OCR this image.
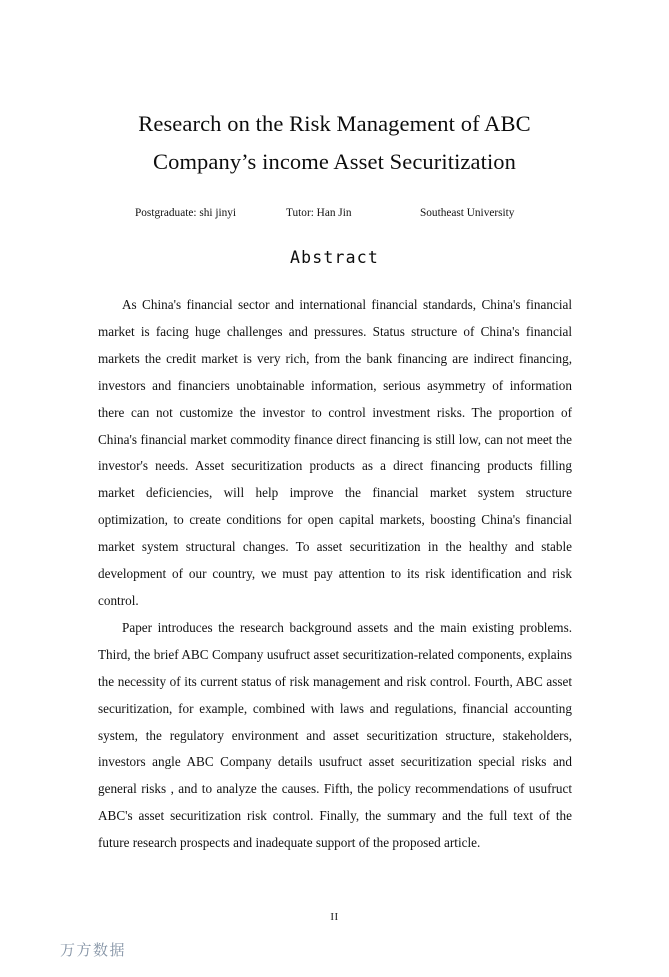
Research on the Risk Management of ABC
Company’s income Asset Securitization
Postgraduate: shi jinyi	Tutor: Han Jin	Southeast University
Abstract

As China's financial sector and international financial standards, China's financial market is facing huge challenges and pressures. Status structure of China's financial markets the credit market is very rich, from the bank financing are indirect financing, investors and financiers unobtainable information, serious asymmetry of information there can not customize the investor to control investment risks. The proportion of China's financial market commodity finance direct financing is still low, can not meet the investor's needs. Asset securitization products as a direct financing products filling market deficiencies, will help improve the financial market system structure optimization, to create conditions for open capital markets, boosting China's financial market system structural changes. To asset securitization in the healthy and stable development of our country, we must pay attention to its risk identification and risk control.

Paper introduces the research background assets and the main existing problems. Third, the brief ABC Company usufruct asset securitization-related components, explains the necessity of its current status of risk management and risk control. Fourth, ABC asset securitization, for example, combined with laws and regulations, financial accounting system, the regulatory environment and asset securitization structure, stakeholders, investors angle ABC Company details usufruct asset securitization special risks and general risks , and to analyze the causes. Fifth, the policy recommendations of usufruct ABC's asset securitization risk control. Finally, the summary and the full text of the future research prospects and inadequate support of the proposed article.

II
万方数据
